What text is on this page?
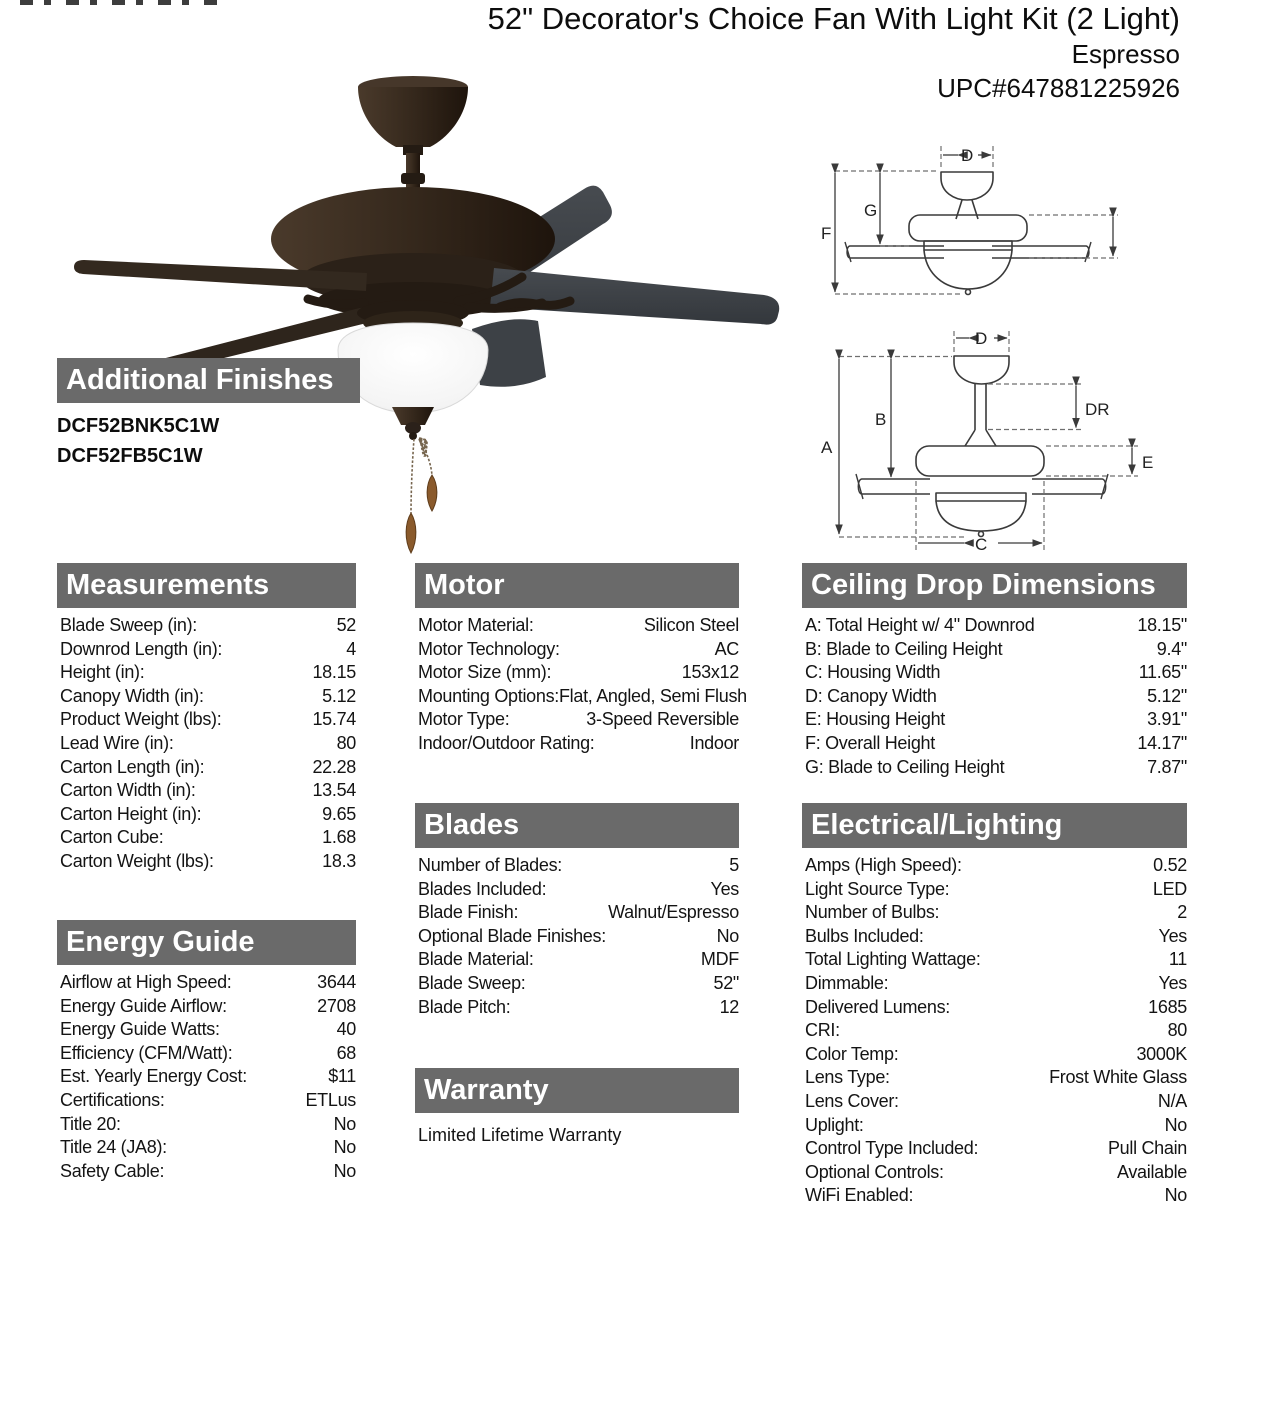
52" Decorator's Choice Fan With Light Kit (2 Light)
Espresso
UPC#647881225926
D
F
G
D
A
B
DR
E
C
Additional Finishes
DCF52BNK5C1W
DCF52FB5C1W
Measurements
Blade Sweep (in):	52
Downrod Length (in):	4
Height (in):	18.15
Canopy Width (in):	5.12
Product Weight (lbs):	15.74
Lead Wire (in):	80
Carton Length (in):	22.28
Carton Width (in):	13.54
Carton Height (in):	9.65
Carton Cube:	1.68
Carton Weight (lbs):	18.3
Energy Guide
Airflow at High Speed:	3644
Energy Guide Airflow:	2708
Energy Guide Watts:	40
Efficiency (CFM/Watt):	68
Est. Yearly Energy Cost:	$11
Certifications:	ETLus
Title 20:	No
Title 24 (JA8):	No
Safety Cable:	No
Motor
Motor Material:	Silicon Steel
Motor Technology:	AC
Motor Size (mm):	153x12
Mounting Options: Flat, Angled, Semi Flush
Motor Type:	3-Speed Reversible
Indoor/Outdoor Rating:	Indoor
Blades
Number of Blades:	5
Blades Included:	Yes
Blade Finish:	Walnut/Espresso
Optional Blade Finishes:	No
Blade Material:	MDF
Blade Sweep:	52"
Blade Pitch:	12
Warranty
Limited Lifetime Warranty
Ceiling Drop Dimensions
A: Total Height w/ 4" Downrod	18.15"
B: Blade to Ceiling Height	9.4"
C: Housing Width	11.65"
D: Canopy Width	5.12"
E: Housing Height	3.91"
F: Overall Height	14.17"
G: Blade to Ceiling Height	7.87"
Electrical/Lighting
Amps (High Speed):	0.52
Light Source Type:	LED
Number of Bulbs:	2
Bulbs Included:	Yes
Total Lighting Wattage:	11
Dimmable:	Yes
Delivered Lumens:	1685
CRI:	80
Color Temp:	3000K
Lens Type:	Frost White Glass
Lens Cover:	N/A
Uplight:	No
Control Type Included:	Pull Chain
Optional Controls:	Available
WiFi Enabled:	No
